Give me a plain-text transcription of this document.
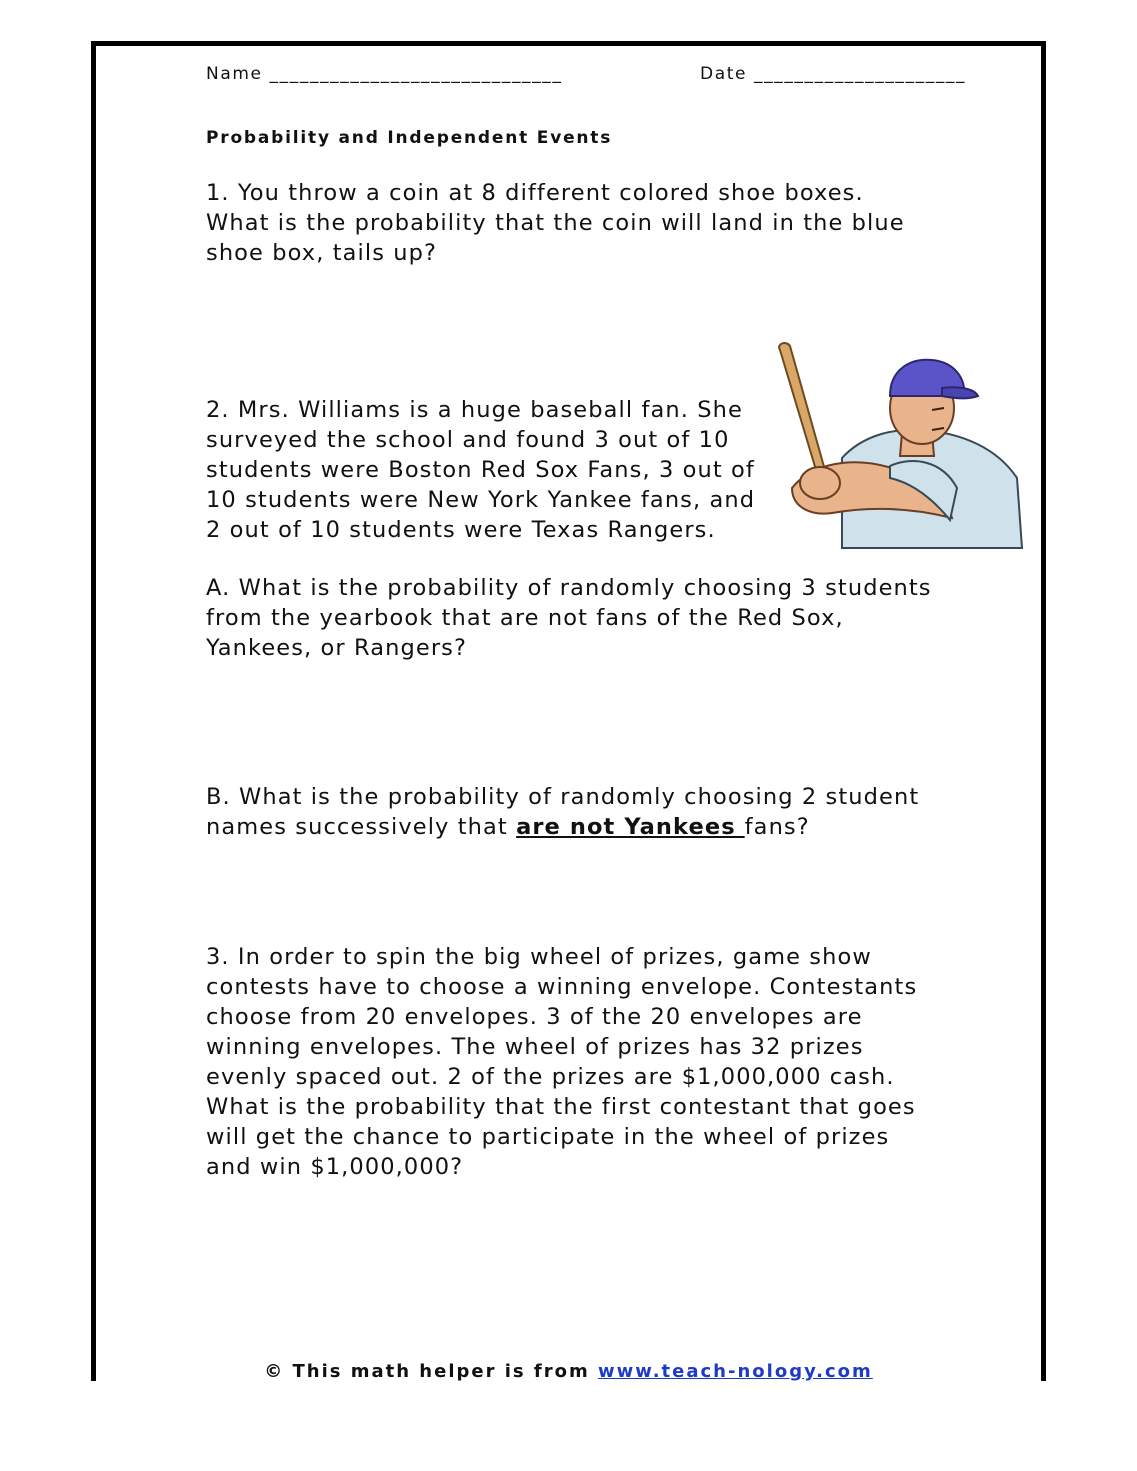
Name _____________________________	Date _____________________
Probability and Independent Events
1. You throw a coin at 8 different colored shoe boxes.
What is the probability that the coin will land in the blue
shoe box, tails up?
2. Mrs. Williams is a huge baseball fan. She
surveyed the school and found 3 out of 10
students were Boston Red Sox Fans, 3 out of
10 students were New York Yankee fans, and
2 out of 10 students were Texas Rangers.
A. What is the probability of randomly choosing 3 students
from the yearbook that are not fans of the Red Sox,
Yankees, or Rangers?
B. What is the probability of randomly choosing 2 student
names successively that are not Yankees fans?
3. In order to spin the big wheel of prizes, game show
contests have to choose a winning envelope. Contestants
choose from 20 envelopes. 3 of the 20 envelopes are
winning envelopes. The wheel of prizes has 32 prizes
evenly spaced out. 2 of the prizes are $1,000,000 cash.
What is the probability that the first contestant that goes
will get the chance to participate in the wheel of prizes
and win $1,000,000?
© This math helper is from www.teach-nology.com
